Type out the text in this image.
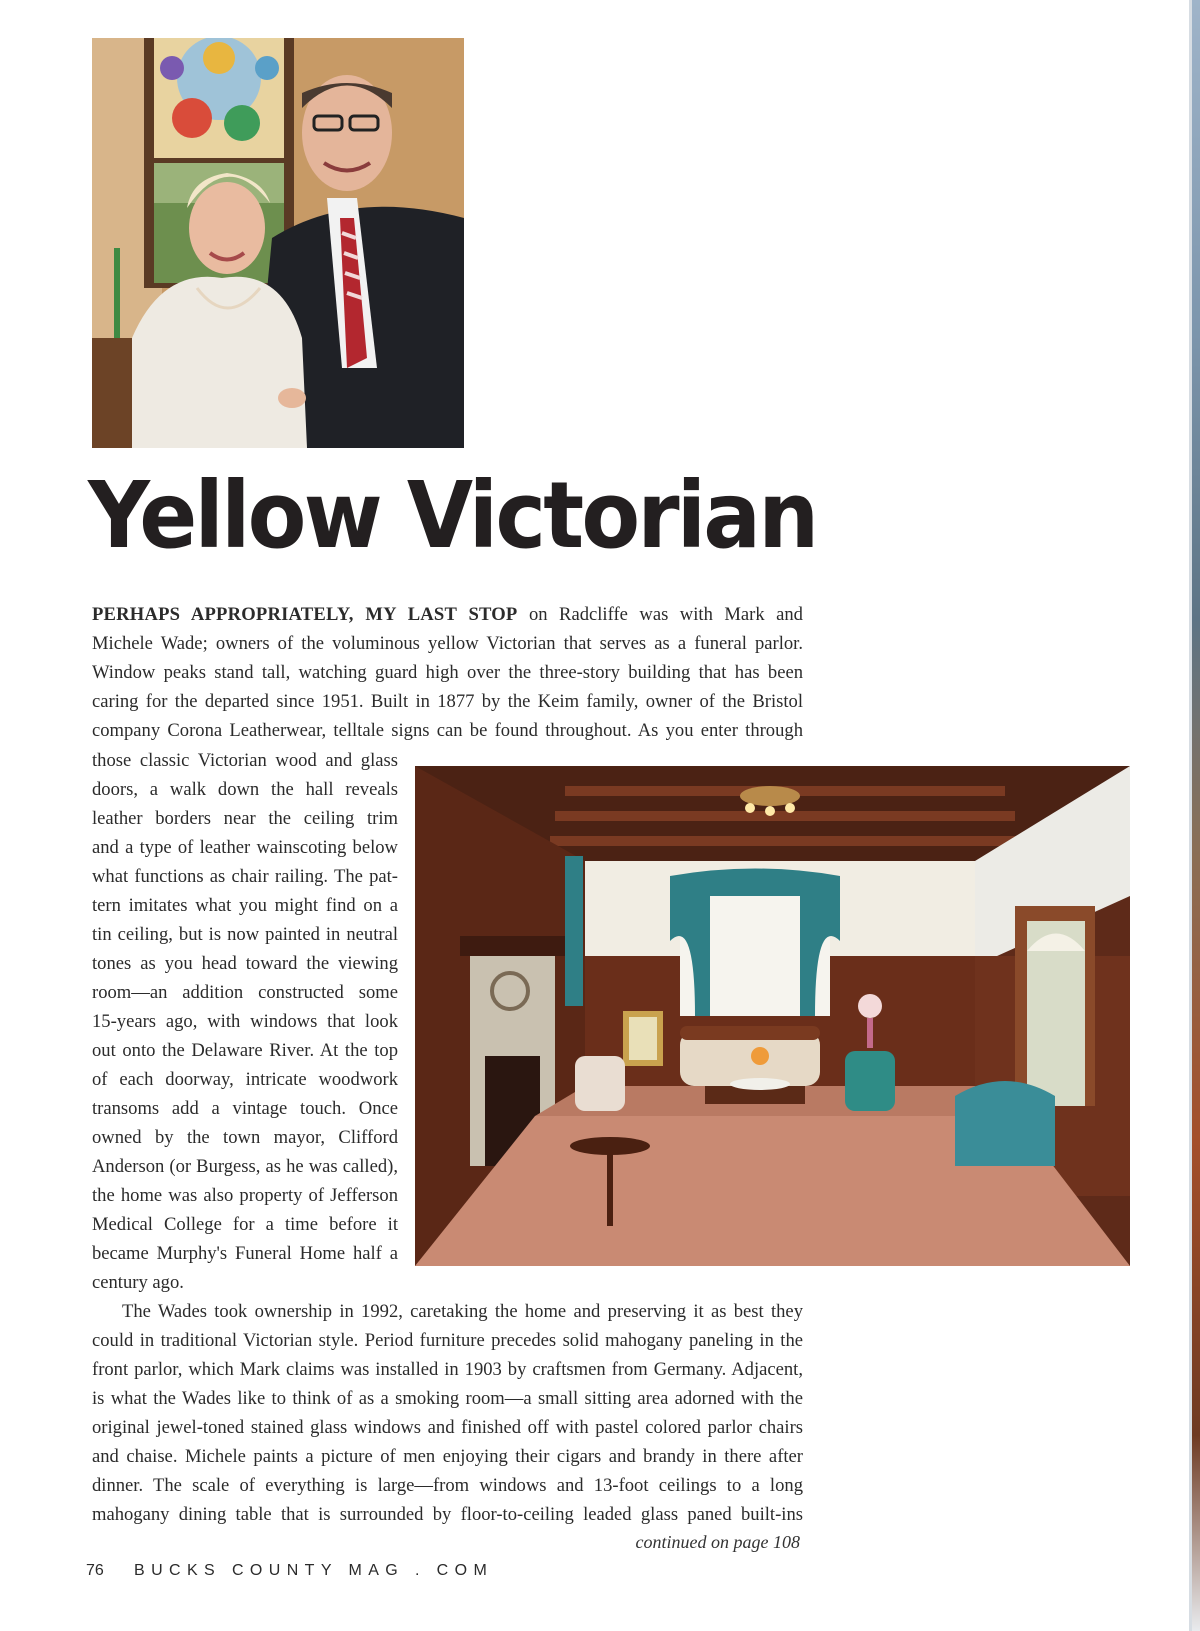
Yellow Victorian
PERHAPS APPROPRIATELY, MY LAST STOP on Radcliffe was with Mark and
Michele Wade; owners of the voluminous yellow Victorian that serves as a funeral parlor.
Window peaks stand tall, watching guard high over the three-story building that has been
caring for the departed since 1951. Built in 1877 by the Keim family, owner of the Bristol
company Corona Leatherwear, telltale signs can be found throughout. As you enter through
those classic Victorian wood and glass
doors, a walk down the hall reveals
leather borders near the ceiling trim
and a type of leather wainscoting below
what functions as chair railing. The pat-
tern imitates what you might find on a
tin ceiling, but is now painted in neutral
tones as you head toward the viewing
room—an addition constructed some
15-years ago, with windows that look
out onto the Delaware River. At the top
of each doorway, intricate woodwork
transoms add a vintage touch. Once
owned by the town mayor, Clifford
Anderson (or Burgess, as he was called),
the home was also property of Jefferson
Medical College for a time before it
became Murphy's Funeral Home half a
century ago.
The Wades took ownership in 1992, caretaking the home and preserving it as best they
could in traditional Victorian style. Period furniture precedes solid mahogany paneling in the
front parlor, which Mark claims was installed in 1903 by craftsmen from Germany. Adjacent,
is what the Wades like to think of as a smoking room—a small sitting area adorned with the
original jewel-toned stained glass windows and finished off with pastel colored parlor chairs
and chaise. Michele paints a picture of men enjoying their cigars and brandy in there after
dinner. The scale of everything is large—from windows and 13-foot ceilings to a long
mahogany dining table that is surrounded by floor-to-ceiling leaded glass paned built-ins
continued on page 108
76 BUCKS COUNTY MAG . COM
